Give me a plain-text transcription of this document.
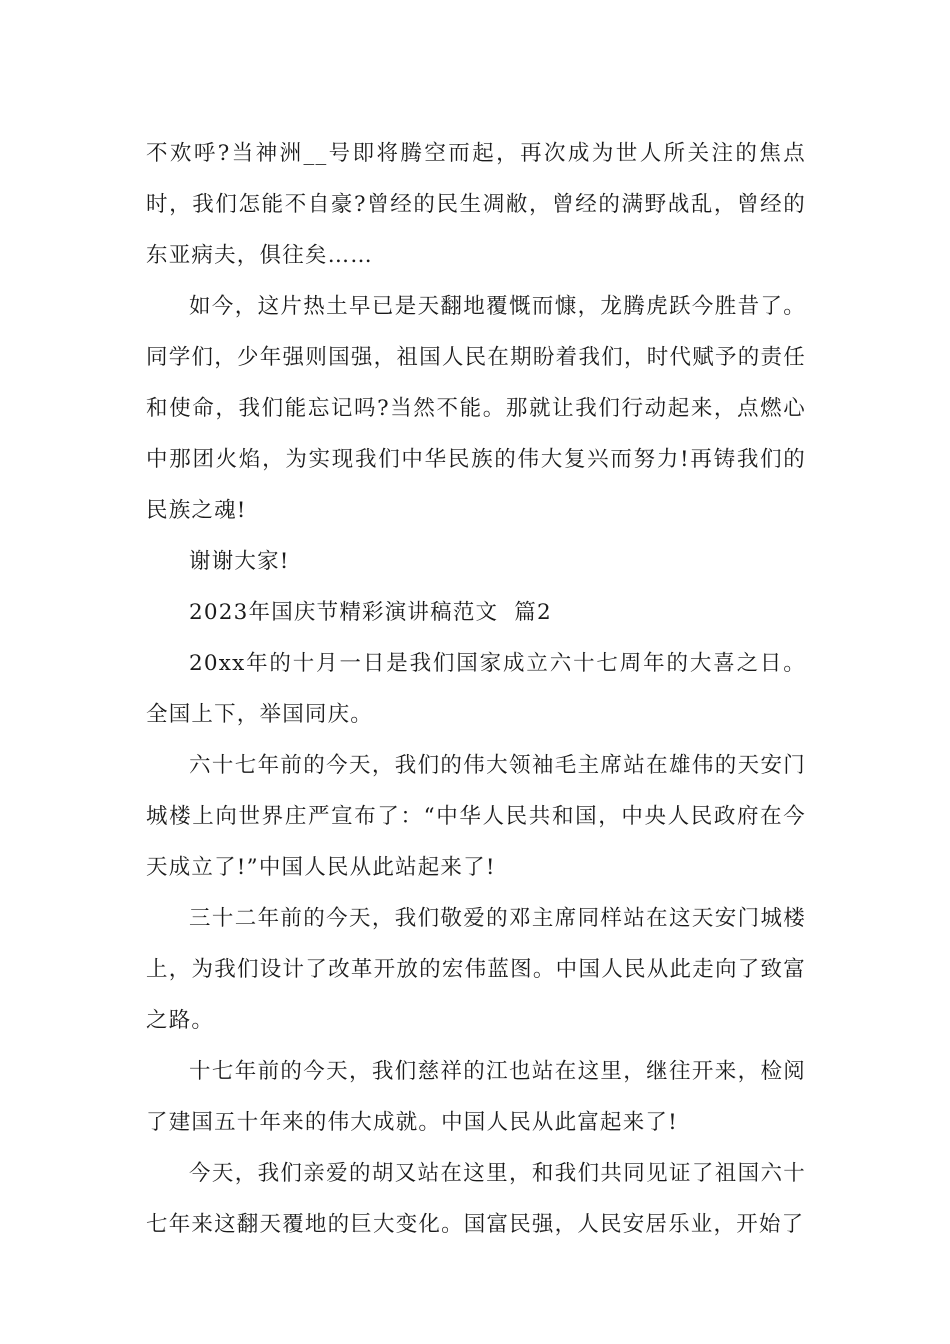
不欢呼?当神洲__号即将腾空而起，再次成为世人所关注的焦点时，我们怎能不自豪?曾经的民生凋敝，曾经的满野战乱，曾经的东亚病夫，俱往矣……

如今，这片热土早已是天翻地覆慨而慷，龙腾虎跃今胜昔了。同学们，少年强则国强，祖国人民在期盼着我们，时代赋予的责任和使命，我们能忘记吗?当然不能。那就让我们行动起来，点燃心中那团火焰，为实现我们中华民族的伟大复兴而努力!再铸我们的民族之魂!

谢谢大家!

2023年国庆节精彩演讲稿范文  篇2

20xx年的十月一日是我们国家成立六十七周年的大喜之日。全国上下，举国同庆。

六十七年前的今天，我们的伟大领袖毛主席站在雄伟的天安门城楼上向世界庄严宣布了：“中华人民共和国，中央人民政府在今天成立了!”中国人民从此站起来了!

三十二年前的今天，我们敬爱的邓主席同样站在这天安门城楼上，为我们设计了改革开放的宏伟蓝图。中国人民从此走向了致富之路。

十七年前的今天，我们慈祥的江也站在这里，继往开来，检阅了建国五十年来的伟大成就。中国人民从此富起来了!

今天，我们亲爱的胡又站在这里，和我们共同见证了祖国六十七年来这翻天覆地的巨大变化。国富民强，人民安居乐业，开始了
